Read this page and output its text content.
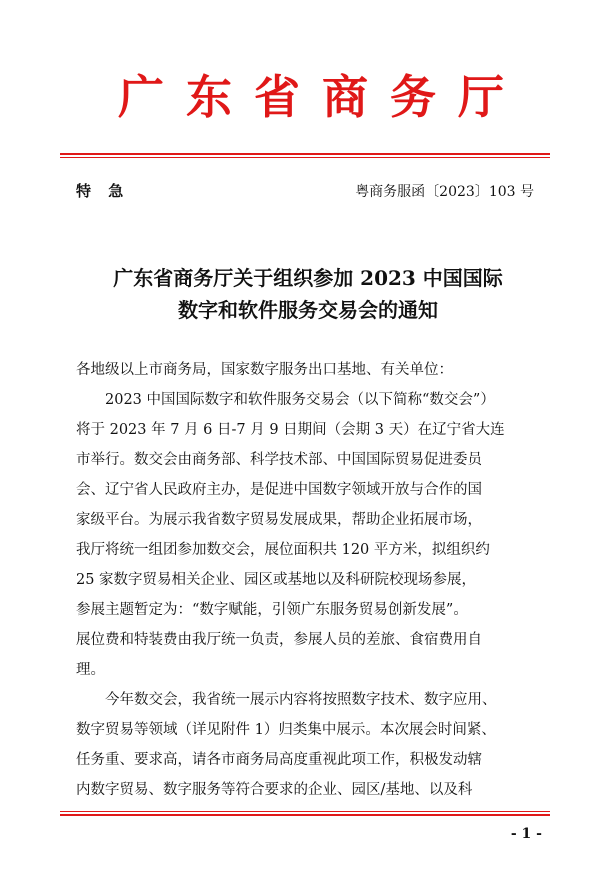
广东省商务厅
特 急	粤商务服函〔2023〕103 号
广东省商务厅关于组织参加 2023 中国国际
数字和软件服务交易会的通知
各地级以上市商务局，国家数字服务出口基地、有关单位：
2023 中国国际数字和软件服务交易会（以下简称“数交会”）
将于 2023 年 7 月 6 日-7 月 9 日期间（会期 3 天）在辽宁省大连
市举行。数交会由商务部、科学技术部、中国国际贸易促进委员
会、辽宁省人民政府主办，是促进中国数字领域开放与合作的国
家级平台。为展示我省数字贸易发展成果，帮助企业拓展市场，
我厅将统一组团参加数交会，展位面积共 120 平方米，拟组织约
25 家数字贸易相关企业、园区或基地以及科研院校现场参展，
参展主题暂定为：“数字赋能，引领广东服务贸易创新发展”。
展位费和特装费由我厅统一负责，参展人员的差旅、食宿费用自
理。
今年数交会，我省统一展示内容将按照数字技术、数字应用、
数字贸易等领域（详见附件 1）归类集中展示。本次展会时间紧、
任务重、要求高，请各市商务局高度重视此项工作，积极发动辖
内数字贸易、数字服务等符合要求的企业、园区/基地、以及科
- 1 -
